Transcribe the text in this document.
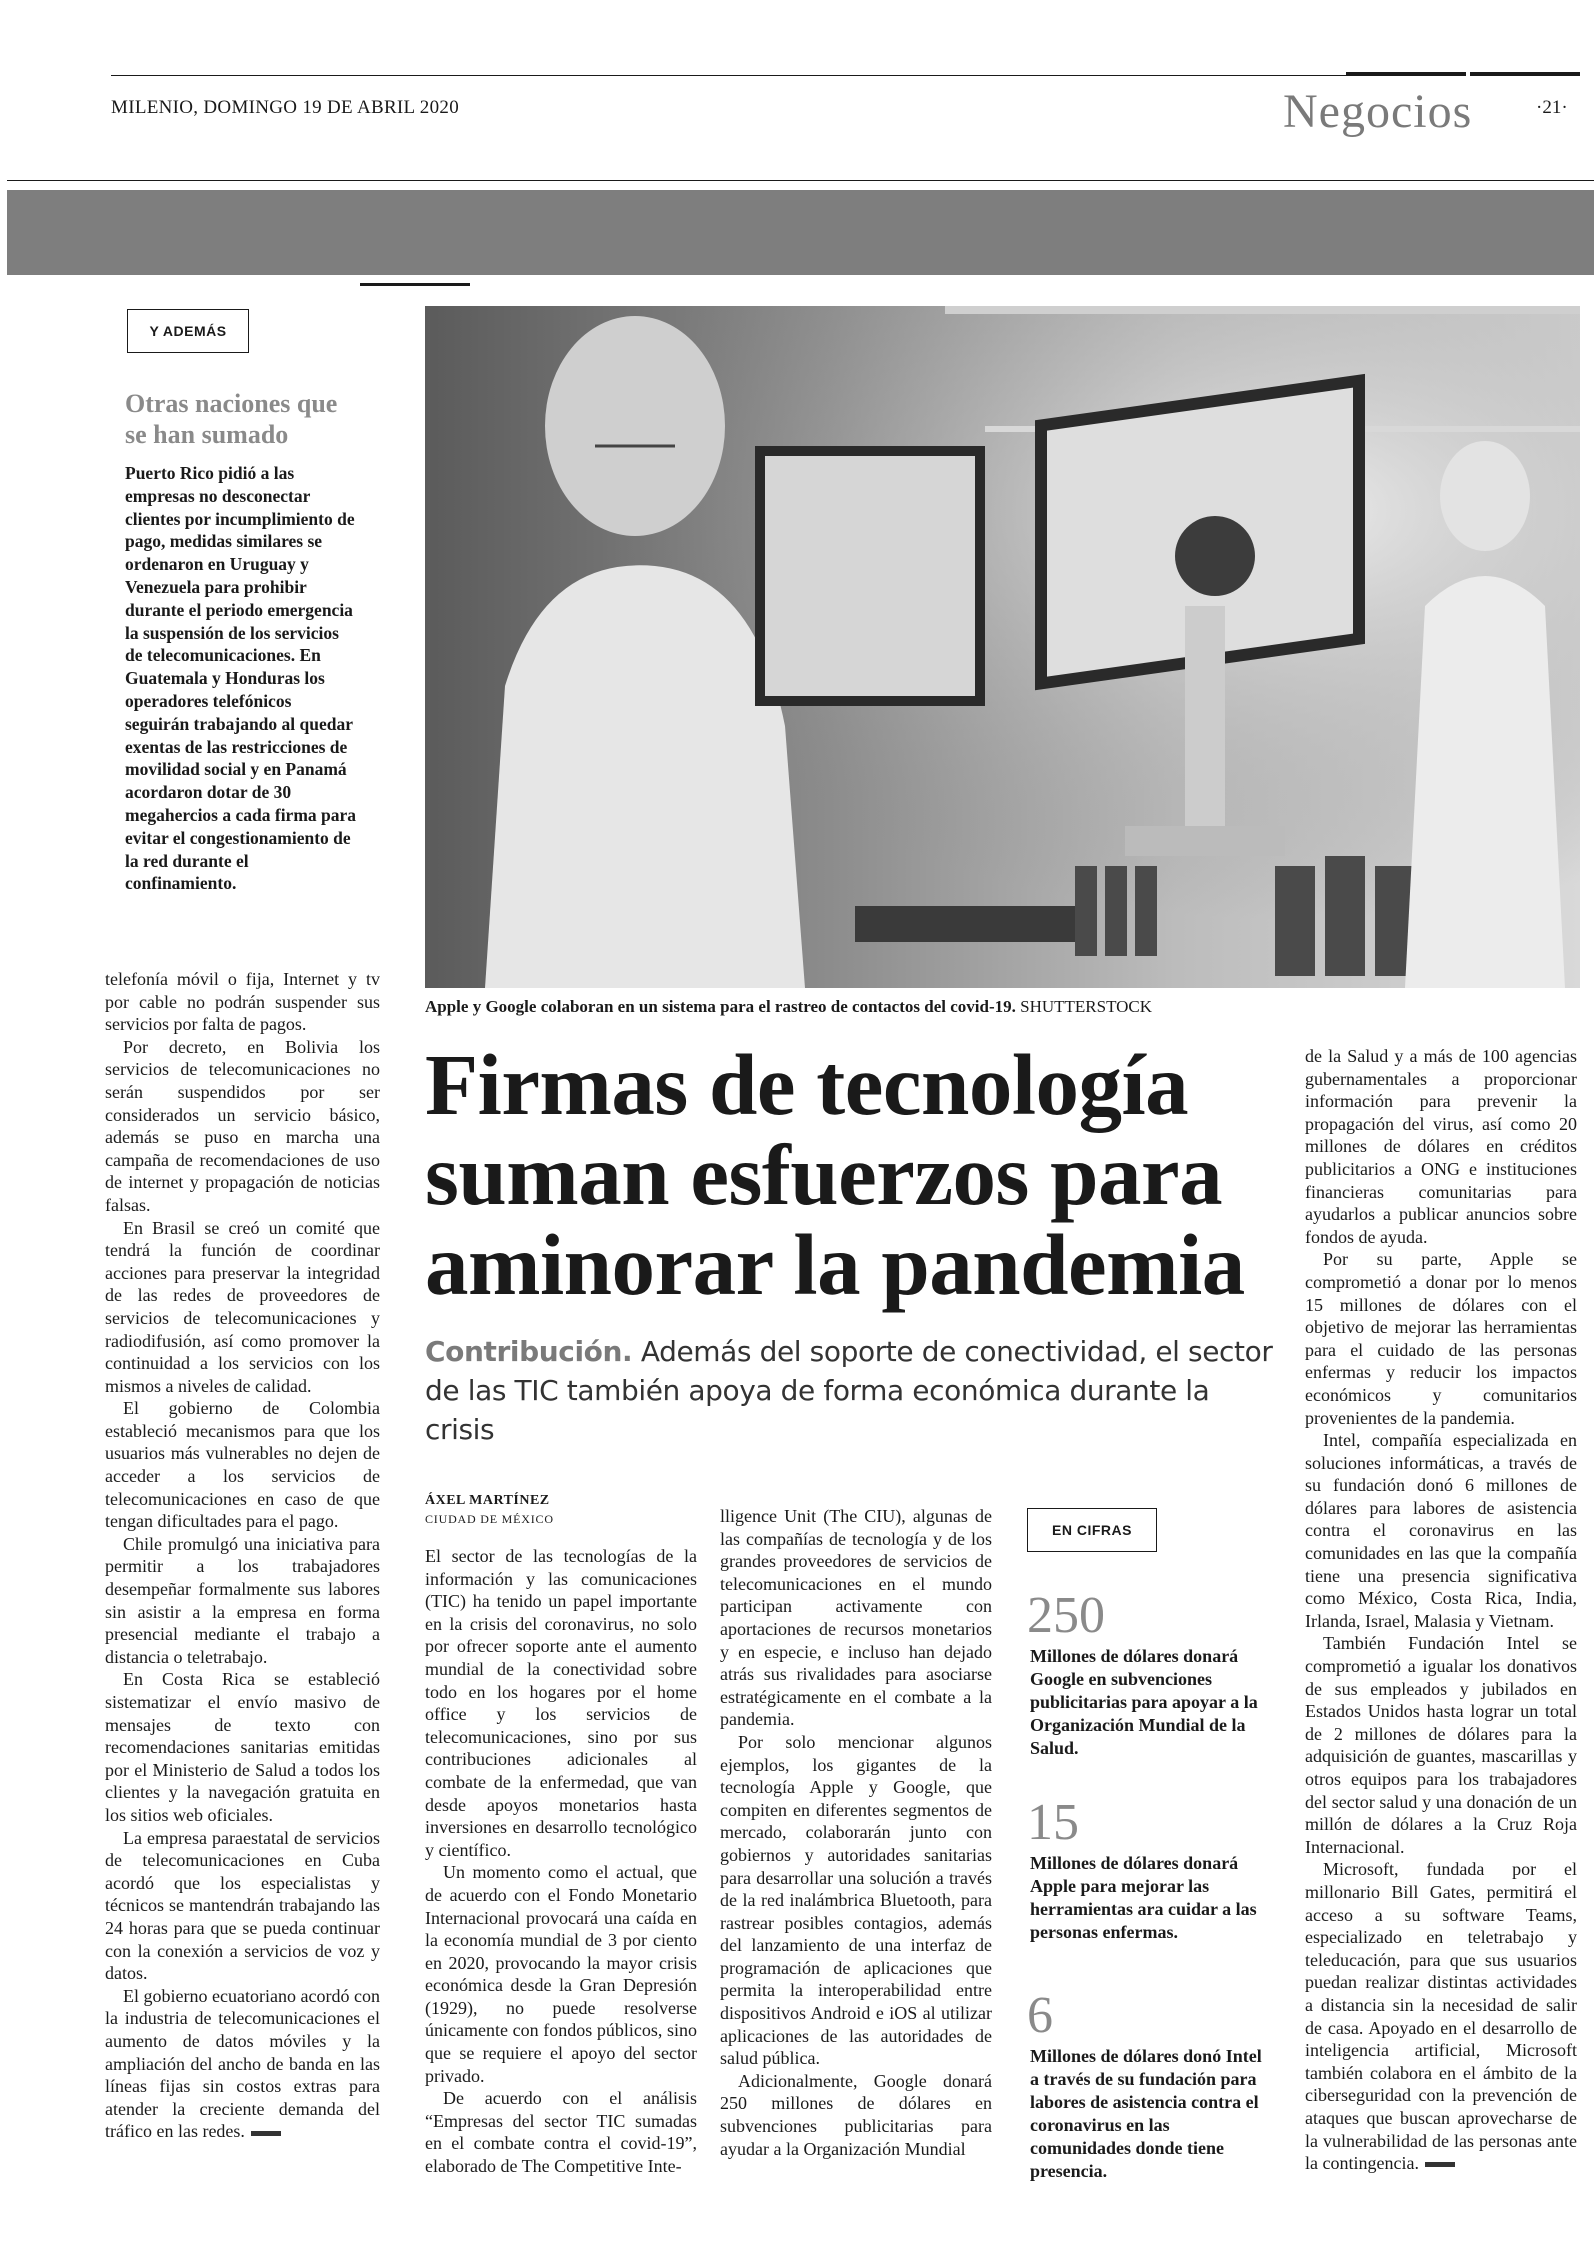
MILENIO, DOMINGO 19 DE ABRIL 2020	Negocios	·21·
Y ADEMÁS
Otras naciones que se han sumado
Puerto Rico pidió a las empresas no desconectar clientes por incumplimiento de pago, medidas similares se ordenaron en Uruguay y Venezuela para prohibir durante el periodo emergencia la suspensión de los servicios de telecomunicaciones. En Guatemala y Honduras los operadores telefónicos seguirán trabajando al quedar exentas de las restricciones de movilidad social y en Panamá acordaron dotar de 30 megahercios a cada firma para evitar el congestionamiento de la red durante el confinamiento.

telefonía móvil o fija, Internet y tv por cable no podrán suspender sus servicios por falta de pagos.

Por decreto, en Bolivia los servicios de telecomunicaciones no serán suspendidos por ser considerados un servicio básico, además se puso en marcha una campaña de recomendaciones de uso de internet y propagación de noticias falsas.

En Brasil se creó un comité que tendrá la función de coordinar acciones para preservar la integridad de las redes de proveedores de servicios de telecomunicaciones y radiodifusión, así como promover la continuidad a los servicios con los mismos a niveles de calidad.

El gobierno de Colombia estableció mecanismos para que los usuarios más vulnerables no dejen de acceder a los servicios de telecomunicaciones en caso de que tengan dificultades para el pago.

Chile promulgó una iniciativa para permitir a los trabajadores desempeñar formalmente sus labores sin asistir a la empresa en forma presencial mediante el trabajo a distancia o teletrabajo.

En Costa Rica se estableció sistematizar el envío masivo de mensajes de texto con recomendaciones sanitarias emitidas por el Ministerio de Salud a todos los clientes y la navegación gratuita en los sitios web oficiales.

La empresa paraestatal de servicios de telecomunicaciones en Cuba acordó que los especialistas y técnicos se mantendrán trabajando las 24 horas para que se pueda continuar con la conexión a servicios de voz y datos.

El gobierno ecuatoriano acordó con la industria de telecomunicaciones el aumento de datos móviles y la ampliación del ancho de banda en las líneas fijas sin costos extras para atender la creciente demanda del tráfico en las redes.

Apple y Google colaboran en un sistema para el rastreo de contactos del covid-19. SHUTTERSTOCK
Firmas de tecnología suman esfuerzos para aminorar la pandemia
Contribución. Además del soporte de conectividad, el sector de las TIC también apoya de forma económica durante la crisis
ÁXEL MARTÍNEZ
CIUDAD DE MÉXICO

El sector de las tecnologías de la información y las comunicaciones (TIC) ha tenido un papel importante en la crisis del coronavirus, no solo por ofrecer soporte ante el aumento mundial de la conectividad sobre todo en los hogares por el home office y los servicios de telecomunicaciones, sino por sus contribuciones adicionales al combate de la enfermedad, que van desde apoyos monetarios hasta inversiones en desarrollo tecnológico y científico.

Un momento como el actual, que de acuerdo con el Fondo Monetario Internacional provocará una caída en la economía mundial de 3 por ciento en 2020, provocando la mayor crisis económica desde la Gran Depresión (1929), no puede resolverse únicamente con fondos públicos, sino que se requiere el apoyo del sector privado.

De acuerdo con el análisis “Empresas del sector TIC sumadas en el combate contra el covid-19”, elaborado de The Competitive Inte-

lligence Unit (The CIU), algunas de las compañías de tecnología y de los grandes proveedores de servicios de telecomunicaciones en el mundo participan activamente con aportaciones de recursos monetarios y en especie, e incluso han dejado atrás sus rivalidades para asociarse estratégicamente en el combate a la pandemia.

Por solo mencionar algunos ejemplos, los gigantes de la tecnología Apple y Google, que compiten en diferentes segmentos de mercado, colaborarán junto con gobiernos y autoridades sanitarias para desarrollar una solución a través de la red inalámbrica Bluetooth, para rastrear posibles contagios, además del lanzamiento de una interfaz de programación de aplicaciones que permita la interoperabilidad entre dispositivos Android e iOS al utilizar aplicaciones de las autoridades de salud pública.

Adicionalmente, Google donará 250 millones de dólares en subvenciones publicitarias para ayudar a la Organización Mundial

EN CIFRAS
250
Millones de dólares donará Google en subvenciones publicitarias para apoyar a la Organización Mundial de la Salud.
15
Millones de dólares donará Apple para mejorar las herramientas ara cuidar a las personas enfermas.
6
Millones de dólares donó Intel a través de su fundación para labores de asistencia contra el coronavirus en las comunidades donde tiene presencia.

de la Salud y a más de 100 agencias gubernamentales a proporcionar información para prevenir la propagación del virus, así como 20 millones de dólares en créditos publicitarios a ONG e instituciones financieras comunitarias para ayudarlos a publicar anuncios sobre fondos de ayuda.

Por su parte, Apple se comprometió a donar por lo menos 15 millones de dólares con el objetivo de mejorar las herramientas para el cuidado de las personas enfermas y reducir los impactos económicos y comunitarios provenientes de la pandemia.

Intel, compañía especializada en soluciones informáticas, a través de su fundación donó 6 millones de dólares para labores de asistencia contra el coronavirus en las comunidades en las que la compañía tiene una presencia significativa como México, Costa Rica, India, Irlanda, Israel, Malasia y Vietnam.

También Fundación Intel se comprometió a igualar los donativos de sus empleados y jubilados en Estados Unidos hasta lograr un total de 2 millones de dólares para la adquisición de guantes, mascarillas y otros equipos para los trabajadores del sector salud y una donación de un millón de dólares a la Cruz Roja Internacional.

Microsoft, fundada por el millonario Bill Gates, permitirá el acceso a su software Teams, especializado en teletrabajo y teleducación, para que sus usuarios puedan realizar distintas actividades a distancia sin la necesidad de salir de casa. Apoyado en el desarrollo de inteligencia artificial, Microsoft también colabora en el ámbito de la ciberseguridad con la prevención de ataques que buscan aprovecharse de la vulnerabilidad de las personas ante la contingencia.
